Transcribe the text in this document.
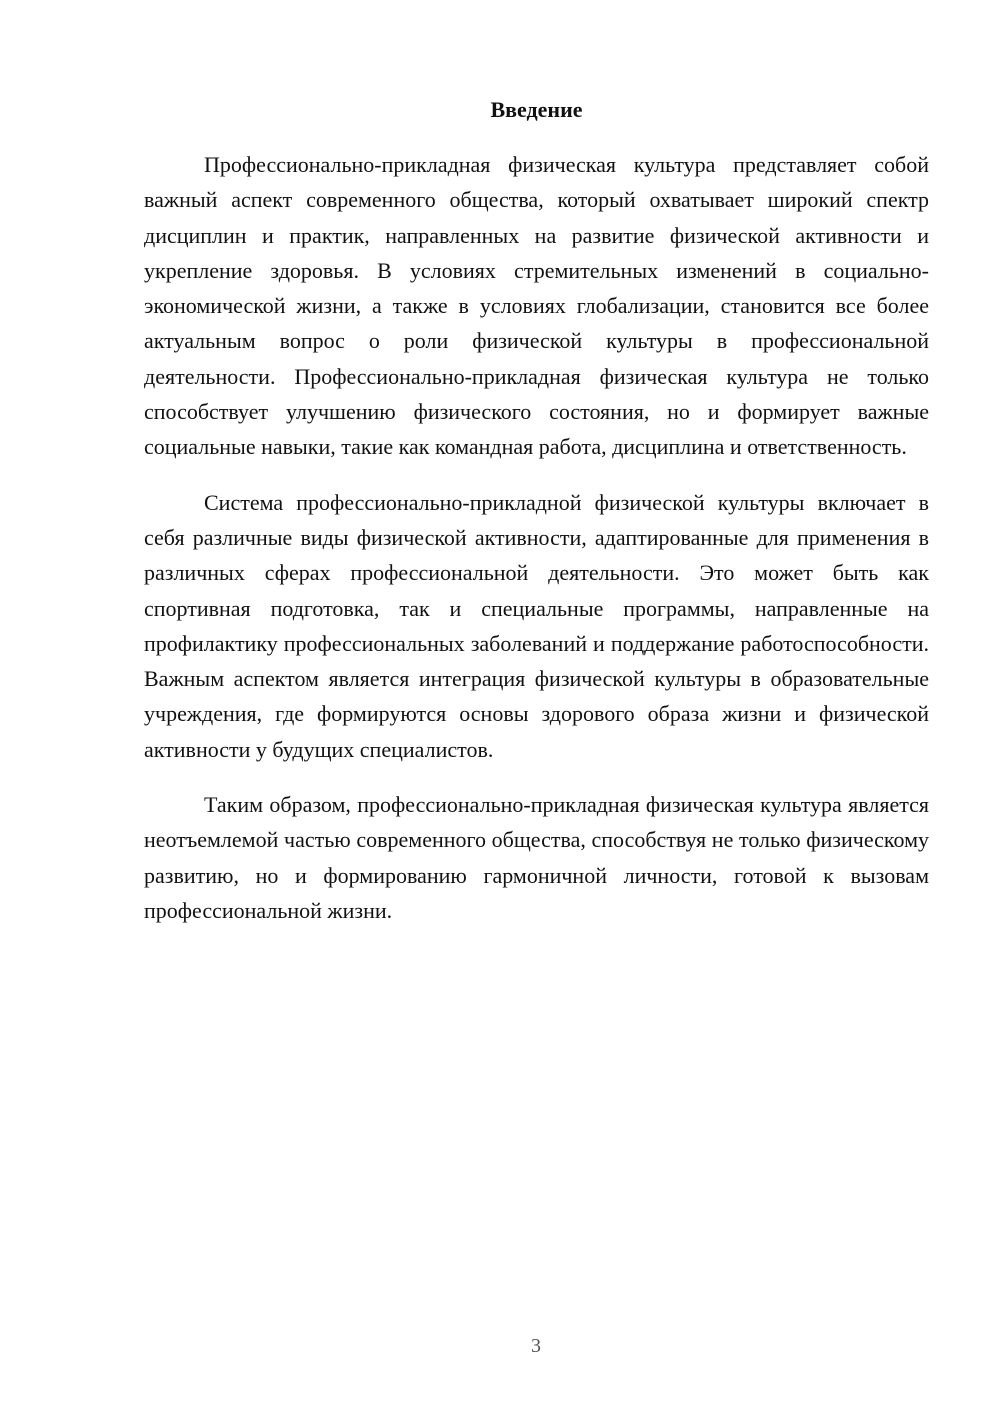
Введение

Профессионально-прикладная физическая культура представляет собой важный аспект современного общества, который охватывает широкий спектр дисциплин и практик, направленных на развитие физической активности и укрепление здоровья. В условиях стремительных изменений в социально-экономической жизни, а также в условиях глобализации, становится все более актуальным вопрос о роли физической культуры в профессиональной деятельности. Профессионально-прикладная физическая культура не только способствует улучшению физического состояния, но и формирует важные социальные навыки, такие как командная работа, дисциплина и ответственность.

Система профессионально-прикладной физической культуры включает в себя различные виды физической активности, адаптированные для применения в различных сферах профессиональной деятельности. Это может быть как спортивная подготовка, так и специальные программы, направленные на профилактику профессиональных заболеваний и поддержание работоспособности. Важным аспектом является интеграция физической культуры в образовательные учреждения, где формируются основы здорового образа жизни и физической активности у будущих специалистов.

Таким образом, профессионально-прикладная физическая культура является неотъемлемой частью современного общества, способствуя не только физическому развитию, но и формированию гармоничной личности, готовой к вызовам профессиональной жизни.

3
